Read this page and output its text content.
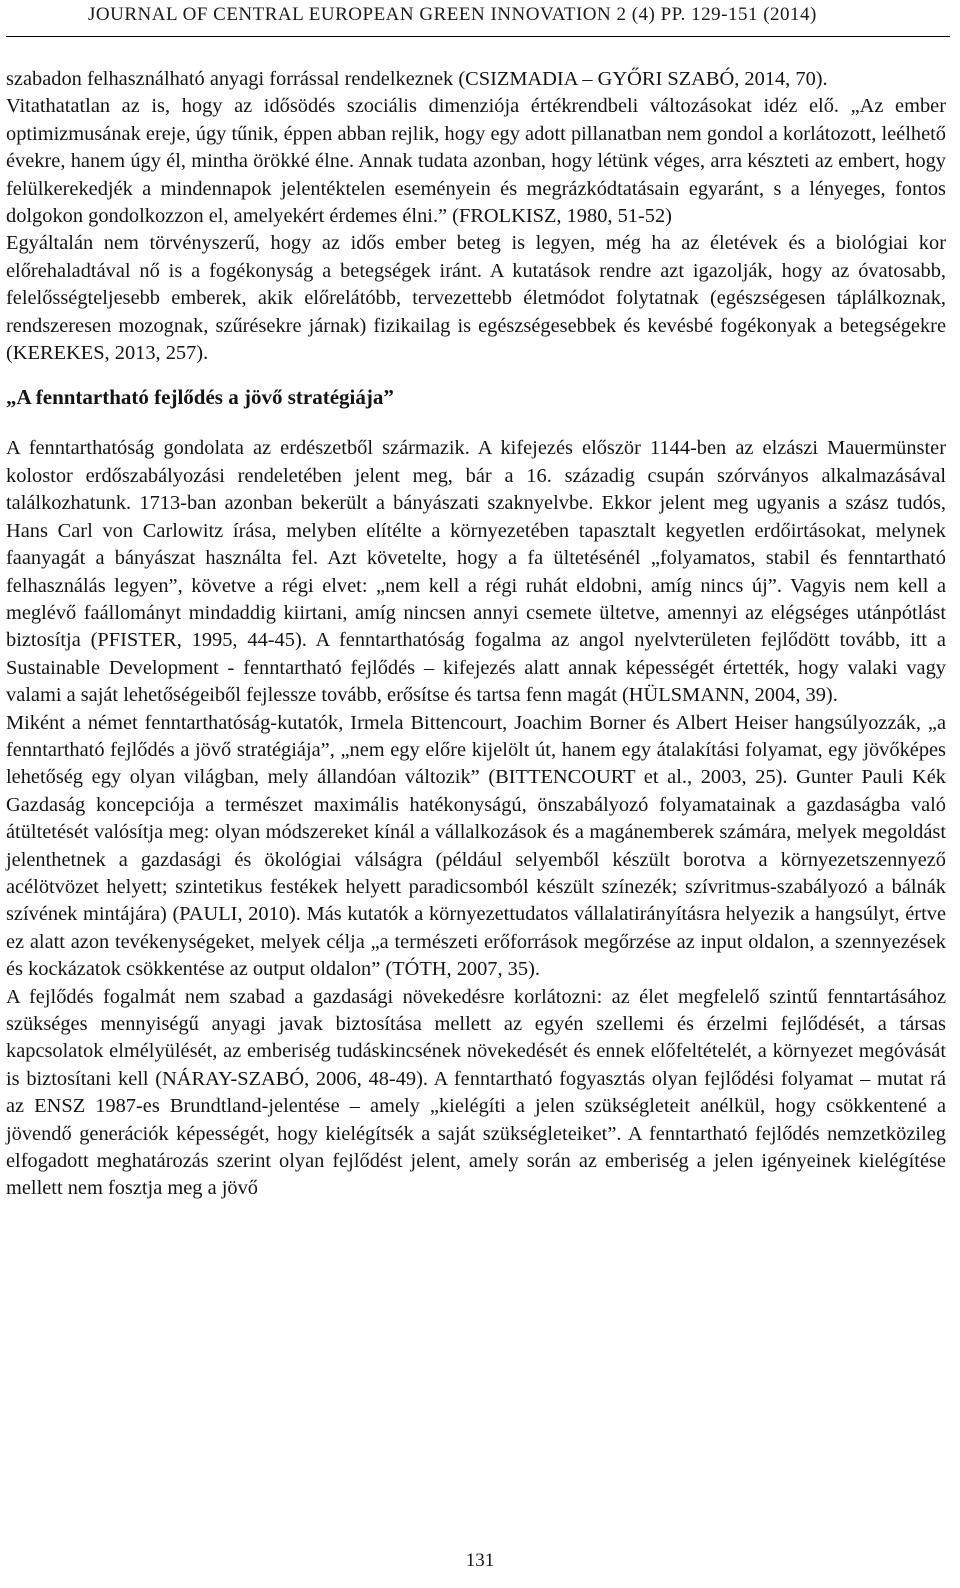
JOURNAL OF CENTRAL EUROPEAN GREEN INNOVATION 2 (4) PP. 129-151 (2014)

szabadon felhasználható anyagi forrással rendelkeznek (CSIZMADIA – GYŐRI SZABÓ, 2014, 70).

Vitathatatlan az is, hogy az idősödés szociális dimenziója értékrendbeli változásokat idéz elő. „Az ember optimizmusának ereje, úgy tűnik, éppen abban rejlik, hogy egy adott pillanatban nem gondol a korlátozott, leélhető évekre, hanem úgy él, mintha örökké élne. Annak tudata azonban, hogy létünk véges, arra készteti az embert, hogy felülkerekedjék a mindennapok jelentéktelen eseményein és megrázkódtatásain egyaránt, s a lényeges, fontos dolgokon gondolkozzon el, amelyekért érdemes élni.” (FROLKISZ, 1980, 51-52)

Egyáltalán nem törvényszerű, hogy az idős ember beteg is legyen, még ha az életévek és a biológiai kor előrehaladtával nő is a fogékonyság a betegségek iránt. A kutatások rendre azt igazolják, hogy az óvatosabb, felelősségteljesebb emberek, akik előrelátóbb, tervezettebb életmódot folytatnak (egészségesen táplálkoznak, rendszeresen mozognak, szűrésekre járnak) fizikailag is egészségesebbek és kevésbé fogékonyak a betegségekre (KEREKES, 2013, 257).

„A fenntartható fejlődés a jövő stratégiája”

A fenntarthatóság gondolata az erdészetből származik. A kifejezés először 1144-ben az elzászi Mauermünster kolostor erdőszabályozási rendeletében jelent meg, bár a 16. századig csupán szórványos alkalmazásával találkozhatunk. 1713-ban azonban bekerült a bányászati szaknyelvbe. Ekkor jelent meg ugyanis a szász tudós, Hans Carl von Carlowitz írása, melyben elítélte a környezetében tapasztalt kegyetlen erdőirtásokat, melynek faanyagát a bányászat használta fel. Azt követelte, hogy a fa ültetésénél „folyamatos, stabil és fenntartható felhasználás legyen”, követve a régi elvet: „nem kell a régi ruhát eldobni, amíg nincs új”. Vagyis nem kell a meglévő faállományt mindaddig kiirtani, amíg nincsen annyi csemete ültetve, amennyi az elégséges utánpótlást biztosítja (PFISTER, 1995, 44-45). A fenntarthatóság fogalma az angol nyelvterületen fejlődött tovább, itt a Sustainable Development - fenntartható fejlődés – kifejezés alatt annak képességét értették, hogy valaki vagy valami a saját lehetőségeiből fejlessze tovább, erősítse és tartsa fenn magát (HÜLSMANN, 2004, 39).

Miként a német fenntarthatóság-kutatók, Irmela Bittencourt, Joachim Borner és Albert Heiser hangsúlyozzák, „a fenntartható fejlődés a jövő stratégiája”, „nem egy előre kijelölt út, hanem egy átalakítási folyamat, egy jövőképes lehetőség egy olyan világban, mely állandóan változik” (BITTENCOURT et al., 2003, 25). Gunter Pauli Kék Gazdaság koncepciója a természet maximális hatékonyságú, önszabályozó folyamatainak a gazdaságba való átültetését valósítja meg: olyan módszereket kínál a vállalkozások és a magánemberek számára, melyek megoldást jelenthetnek a gazdasági és ökológiai válságra (például selyemből készült borotva a környezetszennyező acélötvözet helyett; szintetikus festékek helyett paradicsomból készült színezék; szívritmus-szabályozó a bálnák szívének mintájára) (PAULI, 2010). Más kutatók a környezettudatos vállalatirányításra helyezik a hangsúlyt, értve ez alatt azon tevékenységeket, melyek célja „a természeti erőforrások megőrzése az input oldalon, a szennyezések és kockázatok csökkentése az output oldalon” (TÓTH, 2007, 35).

A fejlődés fogalmát nem szabad a gazdasági növekedésre korlátozni: az élet megfelelő szintű fenntartásához szükséges mennyiségű anyagi javak biztosítása mellett az egyén szellemi és érzelmi fejlődését, a társas kapcsolatok elmélyülését, az emberiség tudáskincsének növekedését és ennek előfeltételét, a környezet megóvását is biztosítani kell (NÁRAY-SZABÓ, 2006, 48-49). A fenntartható fogyasztás olyan fejlődési folyamat – mutat rá az ENSZ 1987-es Brundtland-jelentése – amely „kielégíti a jelen szükségleteit anélkül, hogy csökkentené a jövendő generációk képességét, hogy kielégítsék a saját szükségleteiket”. A fenntartható fejlődés nemzetközileg elfogadott meghatározás szerint olyan fejlődést jelent, amely során az emberiség a jelen igényeinek kielégítése mellett nem fosztja meg a jövő

131
